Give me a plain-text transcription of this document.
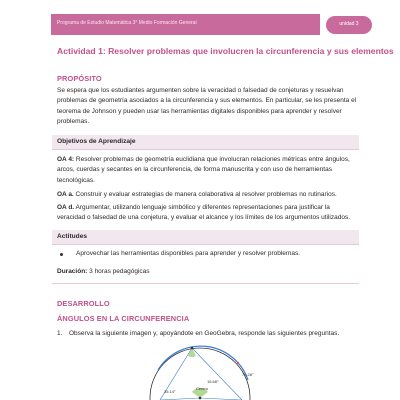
Programa de Estudio Matemática 3° Medio Formación General	unidad 3
Actividad 1: Resolver problemas que involucren la circunferencia y sus elementos
PROPÓSITO
Se espera que los estudiantes argumenten sobre la veracidad o falsedad de conjeturas y resuelvan
problemas de geometría asociados a la circunferencia y sus elementos. En particular, se les presenta el
teorema de Johnson y pueden usar las herramientas digitales disponibles para aprender y resolver
problemas.
Objetivos de Aprendizaje
OA 4: Resolver problemas de geometría euclidiana que involucran relaciones métricas entre ángulos,
arcos, cuerdas y secantes en la circunferencia, de forma manuscrita y con uso de herramientas
tecnológicas.
OA a. Construir y evaluar estrategias de manera colaborativa al resolver problemas no rutinarios.
OA d. Argumentar, utilizando lenguaje simbólico y diferentes representaciones para justificar la
veracidad o falsedad de una conjetura, y evaluar el alcance y los límites de los argumentos utilizados.
Actitudes
Aprovechar las herramientas disponibles para aprender y resolver problemas.
Duración: 3 horas pedagógicas
DESARROLLO
ÁNGULOS EN LA CIRCUNFERENCIA
1. Observa la siguiente imagen y, apoyándote en GeoGebra, responde las siguientes preguntas.
15.68°
70.28°
35.14°
Centro
